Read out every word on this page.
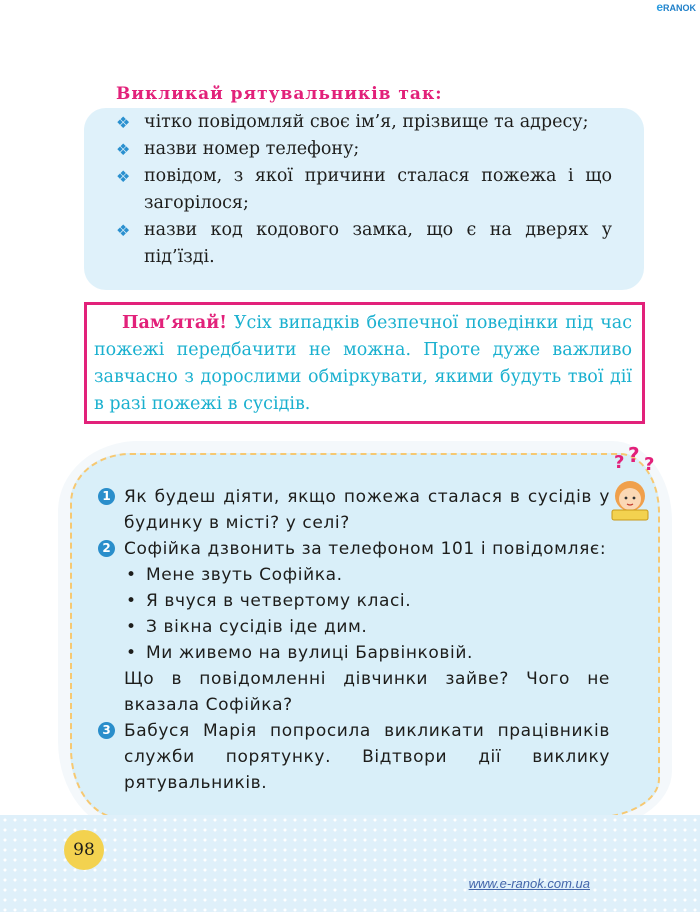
eRANOK
Викликай рятувальників так:
❖ чітко повідомляй своє ім’я, прізвище та адресу;
❖ назви номер телефону;
❖ повідом, з якої причини сталася пожежа і що загорілося;
❖ назви код кодового замка, що є на дверях у під’їзді.

Пам’ятай! Усіх випадків безпечної поведінки під час пожежі передбачити не можна. Проте дуже важливо завчасно з дорослими обміркувати, якими будуть твої дії в разі пожежі в сусідів.

? ? ?
1 Як будеш діяти, якщо пожежа сталася в сусідів у будинку в місті? у селі?

2 Софійка дзвонить за телефоном 101 і повідомляє:

• Мене звуть Софійка.
• Я вчуся в четвертому класі.
• З вікна сусідів іде дим.
• Ми живемо на вулиці Барвінковій.

Що в повідомленні дівчинки зайве? Чого не вказала Софійка?

3 Бабуся Марія попросила викликати працівників служби порятунку. Відтвори дії виклику рятувальників.

98
www.e-ranok.com.ua
